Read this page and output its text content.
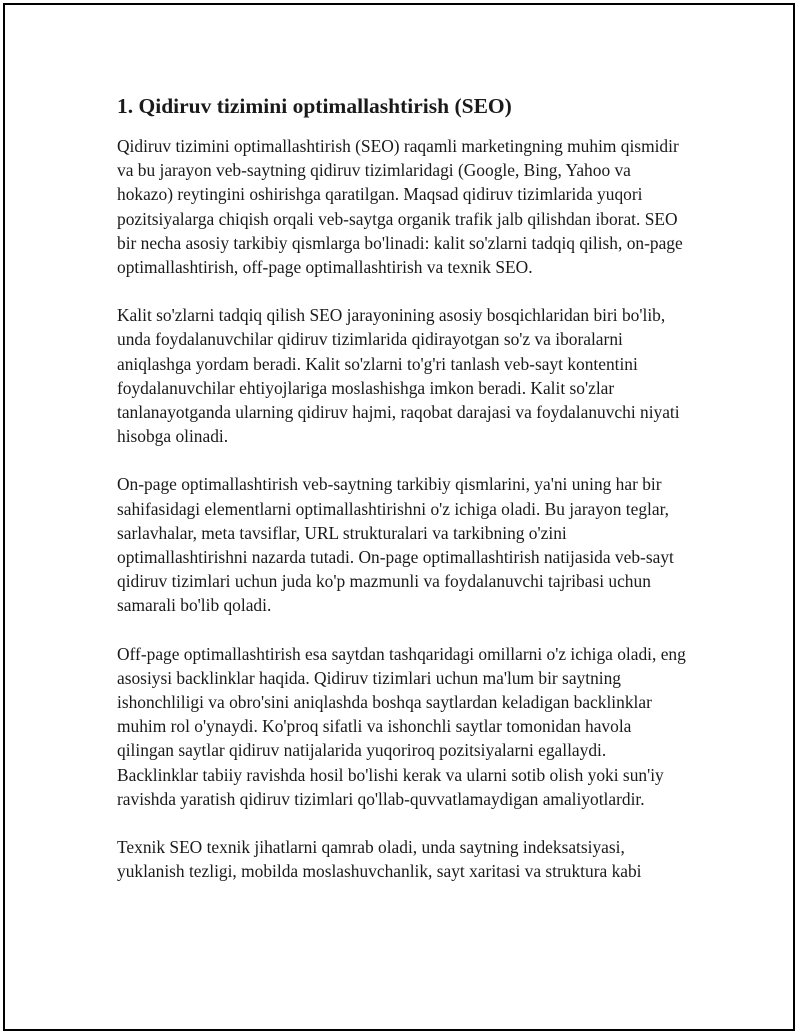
1. Qidiruv tizimini optimallashtirish (SEO)

Qidiruv tizimini optimallashtirish (SEO) raqamli marketingning muhim qismidir va bu jarayon veb-saytning qidiruv tizimlaridagi (Google, Bing, Yahoo va hokazo) reytingini oshirishga qaratilgan. Maqsad qidiruv tizimlarida yuqori pozitsiyalarga chiqish orqali veb-saytga organik trafik jalb qilishdan iborat. SEO bir necha asosiy tarkibiy qismlarga bo'linadi: kalit so'zlarni tadqiq qilish, on-page optimallashtirish, off-page optimallashtirish va texnik SEO.

Kalit so'zlarni tadqiq qilish SEO jarayonining asosiy bosqichlaridan biri bo'lib, unda foydalanuvchilar qidiruv tizimlarida qidirayotgan so'z va iboralarni aniqlashga yordam beradi. Kalit so'zlarni to'g'ri tanlash veb-sayt kontentini foydalanuvchilar ehtiyojlariga moslashishga imkon beradi. Kalit so'zlar tanlanayotganda ularning qidiruv hajmi, raqobat darajasi va foydalanuvchi niyati hisobga olinadi.

On-page optimallashtirish veb-saytning tarkibiy qismlarini, ya'ni uning har bir sahifasidagi elementlarni optimallashtirishni o'z ichiga oladi. Bu jarayon teglar, sarlavhalar, meta tavsiflar, URL strukturalari va tarkibning o'zini optimallashtirishni nazarda tutadi. On-page optimallashtirish natijasida veb-sayt qidiruv tizimlari uchun juda ko'p mazmunli va foydalanuvchi tajribasi uchun samarali bo'lib qoladi.

Off-page optimallashtirish esa saytdan tashqaridagi omillarni o'z ichiga oladi, eng asosiysi backlinklar haqida. Qidiruv tizimlari uchun ma'lum bir saytning ishonchliligi va obro'sini aniqlashda boshqa saytlardan keladigan backlinklar muhim rol o'ynaydi. Ko'proq sifatli va ishonchli saytlar tomonidan havola qilingan saytlar qidiruv natijalarida yuqoriroq pozitsiyalarni egallaydi. Backlinklar tabiiy ravishda hosil bo'lishi kerak va ularni sotib olish yoki sun'iy ravishda yaratish qidiruv tizimlari qo'llab-quvvatlamaydigan amaliyotlardir.

Texnik SEO texnik jihatlarni qamrab oladi, unda saytning indeksatsiyasi, yuklanish tezligi, mobilda moslashuvchanlik, sayt xaritasi va struktura kabi
